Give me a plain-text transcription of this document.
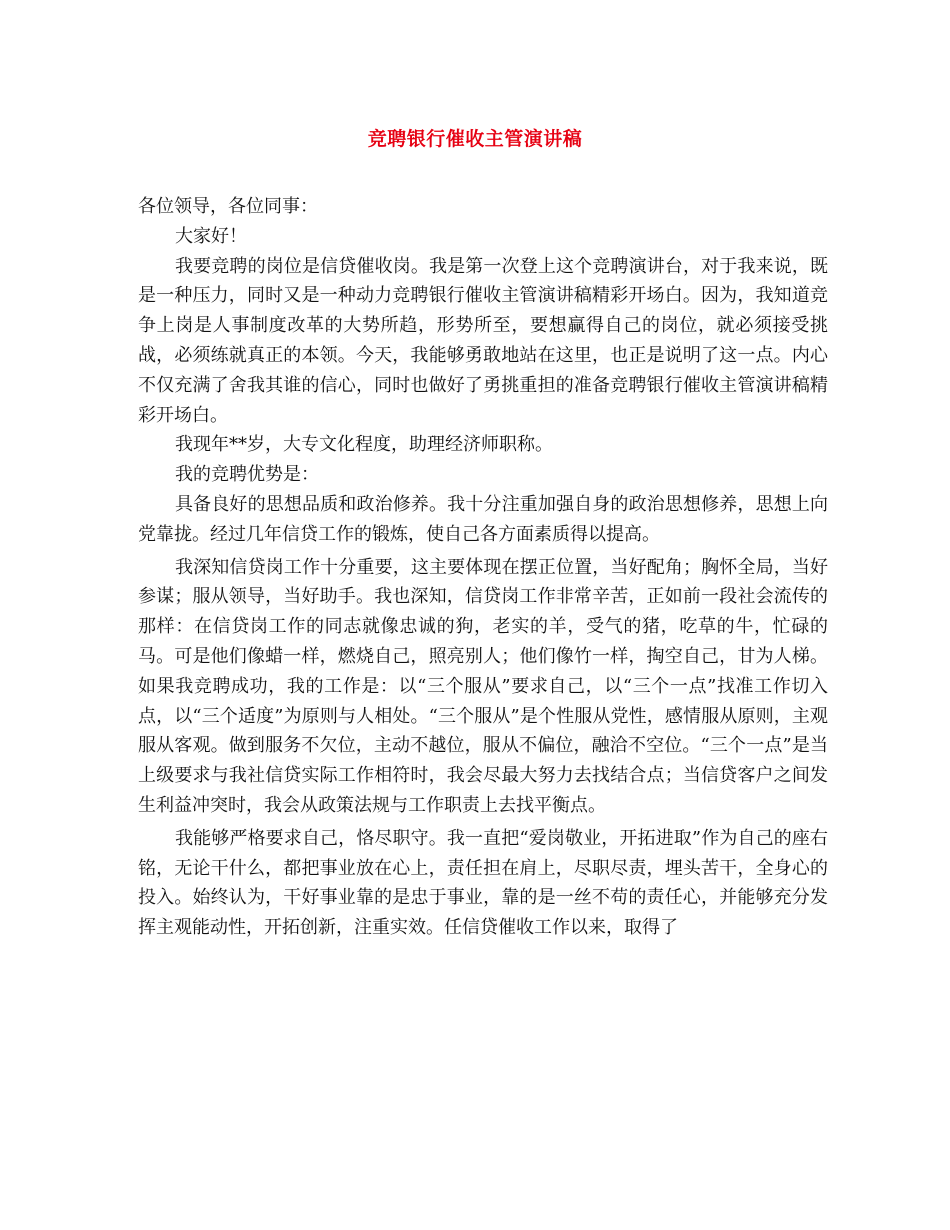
竞聘银行催收主管演讲稿

各位领导，各位同事：

大家好！

我要竞聘的岗位是信贷催收岗。我是第一次登上这个竞聘演讲台，对于我来说，既是一种压力，同时又是一种动力竞聘银行催收主管演讲稿精彩开场白。因为，我知道竞争上岗是人事制度改革的大势所趋，形势所至，要想赢得自己的岗位，就必须接受挑战，必须练就真正的本领。今天，我能够勇敢地站在这里，也正是说明了这一点。内心不仅充满了舍我其谁的信心，同时也做好了勇挑重担的准备竞聘银行催收主管演讲稿精彩开场白。

我现年**岁，大专文化程度，助理经济师职称。

我的竞聘优势是：

具备良好的思想品质和政治修养。我十分注重加强自身的政治思想修养，思想上向党靠拢。经过几年信贷工作的锻炼，使自己各方面素质得以提高。

我深知信贷岗工作十分重要，这主要体现在摆正位置，当好配角；胸怀全局，当好参谋；服从领导，当好助手。我也深知，信贷岗工作非常辛苦，正如前一段社会流传的那样：在信贷岗工作的同志就像忠诚的狗，老实的羊，受气的猪，吃草的牛，忙碌的马。可是他们像蜡一样，燃烧自己，照亮别人；他们像竹一样，掏空自己，甘为人梯。如果我竞聘成功，我的工作是：以“三个服从”要求自己，以“三个一点”找准工作切入点，以“三个适度”为原则与人相处。“三个服从”是个性服从党性，感情服从原则，主观服从客观。做到服务不欠位，主动不越位，服从不偏位，融洽不空位。“三个一点”是当上级要求与我社信贷实际工作相符时，我会尽最大努力去找结合点；当信贷客户之间发生利益冲突时，我会从政策法规与工作职责上去找平衡点。

我能够严格要求自己，恪尽职守。我一直把“爱岗敬业，开拓进取”作为自己的座右铭，无论干什么，都把事业放在心上，责任担在肩上，尽职尽责，埋头苦干，全身心的投入。始终认为，干好事业靠的是忠于事业，靠的是一丝不苟的责任心，并能够充分发挥主观能动性，开拓创新，注重实效。任信贷催收工作以来，取得了
